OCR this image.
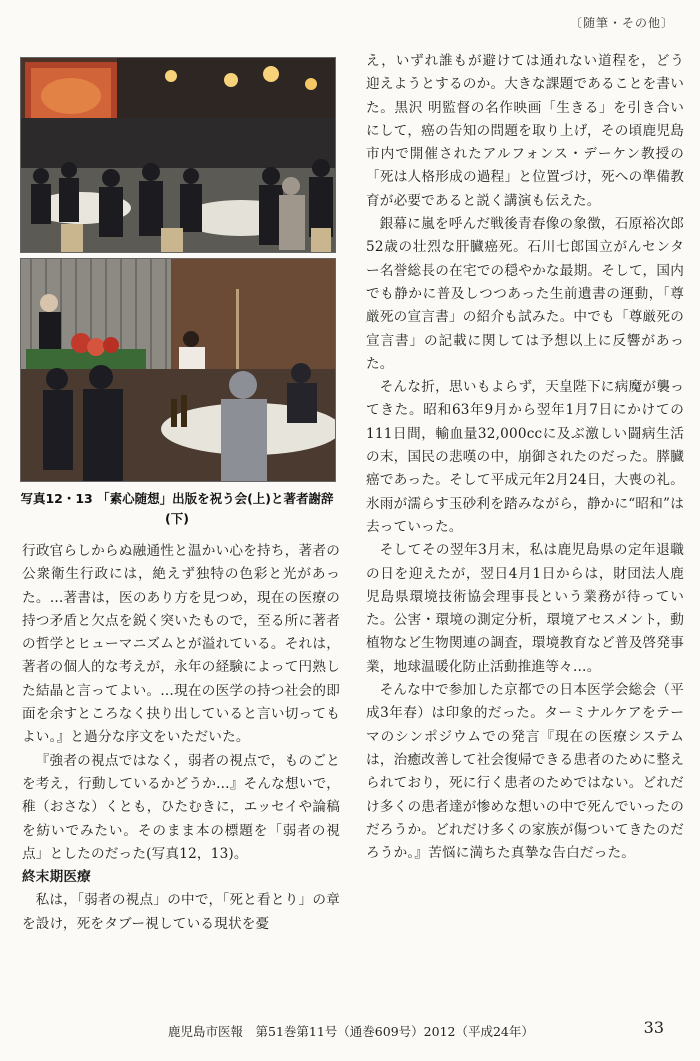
〔随筆・その他〕
写真12・13 「素心随想」出版を祝う会(上)と著者謝辞(下)

行政官らしからぬ融通性と温かい心を持ち，著者の公衆衛生行政には，絶えず独特の色彩と光があった。…著書は，医のあり方を見つめ，現在の医療の持つ矛盾と欠点を鋭く突いたもので，至る所に著者の哲学とヒューマニズムとが溢れている。それは，著者の個人的な考えが，永年の経験によって円熟した結晶と言ってよい。…現在の医学の持つ社会的即面を余すところなく抉り出していると言い切ってもよい。』と過分な序文をいただいた。

『強者の視点ではなく，弱者の視点で，ものごとを考え，行動しているかどうか…』そんな想いで，稚（おさな）くとも，ひたむきに，エッセイや論稿を紡いでみたい。そのまま本の標題を「弱者の視点」としたのだった(写真12，13)。

終末期医療

私は，「弱者の視点」の中で，「死と看とり」の章を設け，死をタブー視している現状を憂

え，いずれ誰もが避けては通れない道程を，どう迎えようとするのか。大きな課題であることを書いた。黒沢 明監督の名作映画「生きる」を引き合いにして，癌の告知の問題を取り上げ，その頃鹿児島市内で開催されたアルフォンス・デーケン教授の「死は人格形成の過程」と位置づけ，死への準備教育が必要であると説く講演も伝えた。

銀幕に嵐を呼んだ戦後青春像の象徴，石原裕次郎52歳の壮烈な肝臓癌死。石川七郎国立がんセンター名誉総長の在宅での穏やかな最期。そして，国内でも静かに普及しつつあった生前遺書の運動，「尊厳死の宣言書」の紹介も試みた。中でも「尊厳死の宣言書」の記載に関しては予想以上に反響があった。

そんな折，思いもよらず，天皇陛下に病魔が襲ってきた。昭和63年9月から翌年1月7日にかけての111日間，輸血量32,000ccに及ぶ激しい闘病生活の末，国民の悲嘆の中，崩御されたのだった。膵臓癌であった。そして平成元年2月24日，大喪の礼。氷雨が濡らす玉砂利を踏みながら，静かに“昭和”は去っていった。

そしてその翌年3月末，私は鹿児島県の定年退職の日を迎えたが，翌日4月1日からは，財団法人鹿児島県環境技術協会理事長という業務が待っていた。公害・環境の測定分析，環境アセスメント，動植物など生物関連の調査，環境教育など普及啓発事業，地球温暖化防止活動推進等々…。

そんな中で参加した京都での日本医学会総会（平成3年春）は印象的だった。ターミナルケアをテーマのシンポジウムでの発言『現在の医療システムは，治癒改善して社会復帰できる患者のために整えられており，死に行く患者のためではない。どれだけ多くの患者達が惨めな想いの中で死んでいったのだろうか。どれだけ多くの家族が傷ついてきたのだろうか。』苦悩に満ちた真摯な告白だった。

鹿児島市医報　第51巻第11号（通巻609号）2012（平成24年）	33
